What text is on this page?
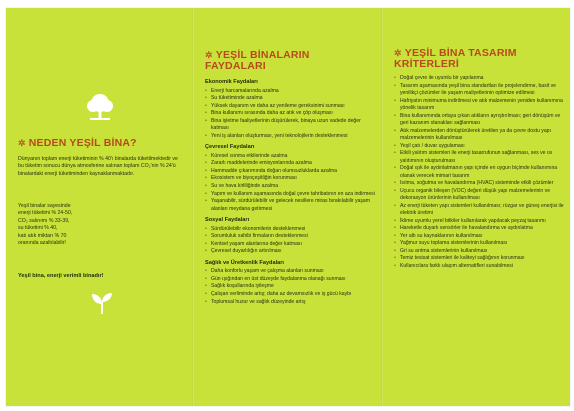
✲ NEDEN YEŞİL BİNA?

Dünyanın toplam enerji tüketiminin % 40'ı binalarda tüketilmektedir ve bu tüketim sonucu dünya atmosferine salınan toplam CO₂'nin % 24'ü binalardaki enerji tüketiminden kaynaklanmaktadır.

Yeşil binalar sayesinde

enerji tüketimi % 24-50,

CO₂ salınımı % 33-39,

su tüketimi % 40,

katı atık miktarı % 70

oranında azaltılabilir!

Yeşil bina, enerji verimli binadır!

✲ YEŞİL BİNALARIN
FAYDALARI

Ekonomik Faydaları

• Enerji harcamalarında azalma
• Su tüketiminde azalma
• Yüksek dayanım ve daha az yenileme gereksinimi sunması
• Bina kullanımı sırasında daha az atık ve çöp oluşması
• Bina işletme faaliyetlerinin düşürülerek, binaya uzun vadede değer katması
• Yeni iş alanları oluşturması, yeni teknolojilerin desteklenmesi

Çevresel Faydaları

• Küresel ısınma etkilerinde azalma
• Zararlı maddelerinde emisyonlarında azalma
• Hammadde çıkarımında doğan olumsuzluklarda azalma
• Ekosistem ve biyoçeşitliğin korunması
• Su ve hava kirliliğinde azalma
• Yapım ve kullanım aşamasında doğal çevre tahribatının en aza indirmesi
• Yaşanabilir, sürdürülebilir ve gelecek nesillere miras bırakılabilir yaşam alanları meydana getirmesi

Sosyal Faydaları

• Sürdürülebilir ekonomilerin desteklenmesi
• Sorumluluk sahibi firmaların desteklenmesi
• Kentsel yaşam alanlarına değer katması
• Çevresel duyarlılığın artırılması

Sağlık ve Üretkenlik Faydaları

• Daha konforlu yaşam ve çalışma alanları sunması
• Gün ışığından en üst düzeyde faydalanma olanağı sunması
• Sağlık koşullarında iyileşme
• Çalışan verliminde artış; daha az devamsızlık ve iş gücü kaybı
• Toplumsal huzur ve sağlık düzeyinde artış
✲ YEŞİL BİNA TASARIM
KRİTERLERİ
• Doğal çevre ile uyumlu bir yapılanma
• Tasarım aşamasında yeşil bina standartları ile projelendirme, basit ve yenilikçi çözümler ile yaşam maliyetlerinin optimize edilmesi
• Hafriyatın minimuma indirilmesi ve atık malzemenin yeniden kullanımına yönelik tasarım
• Bina kullanımında ortaya çıkan atıkların ayrıştırılması; geri dönüşüm ve geri kazanım olanakları sağlanması
• Atık malzemelerden dönüştürülerek üretilen ya da çevre dostu yapı malzemelerinin kullanılması
• Yeşil çatı / duvar uygulaması
• Etkili yalıtım sistemleri ile enerji tasarrufunun sağlanması, ses ve ısı yalıtımının oluşturulması
• Doğal ışık ile aydınlatmanın yapı içinde en uygun biçimde kullanımına olanak verecek mimari tasarım
• Isıtma, soğutma ve havalandırma (HVAC) sisteminde etkili çözümler
• Uçucu organik bileşen (VOC) değeri düşük yapı malzemelerinin ve dekorasyon ürünlerinin kullanılması
• Az enerji tüketen yapı sistemleri kullanılması; rüzgar ve güneş enerjisi ile elektrik üretimi
• İklime uyumlu yerel bitkiler kullanılarak yapılacak peyzaj tasarımı
• Hareketle duyarlı sensörler ile havalandırma ve aydınlatma
• Yer altı su kaynaklarının kullanılması
• Yağmur suyu toplama sistemlerinin kullanılması
• Gri su arıtma sistemlerinin kullanılması
• Temiz tesisat sistemleri ile kaliteyi sağlığının korunması
• Kullanıcılara farklı ulaşım alternatifleri sunabilmesi
